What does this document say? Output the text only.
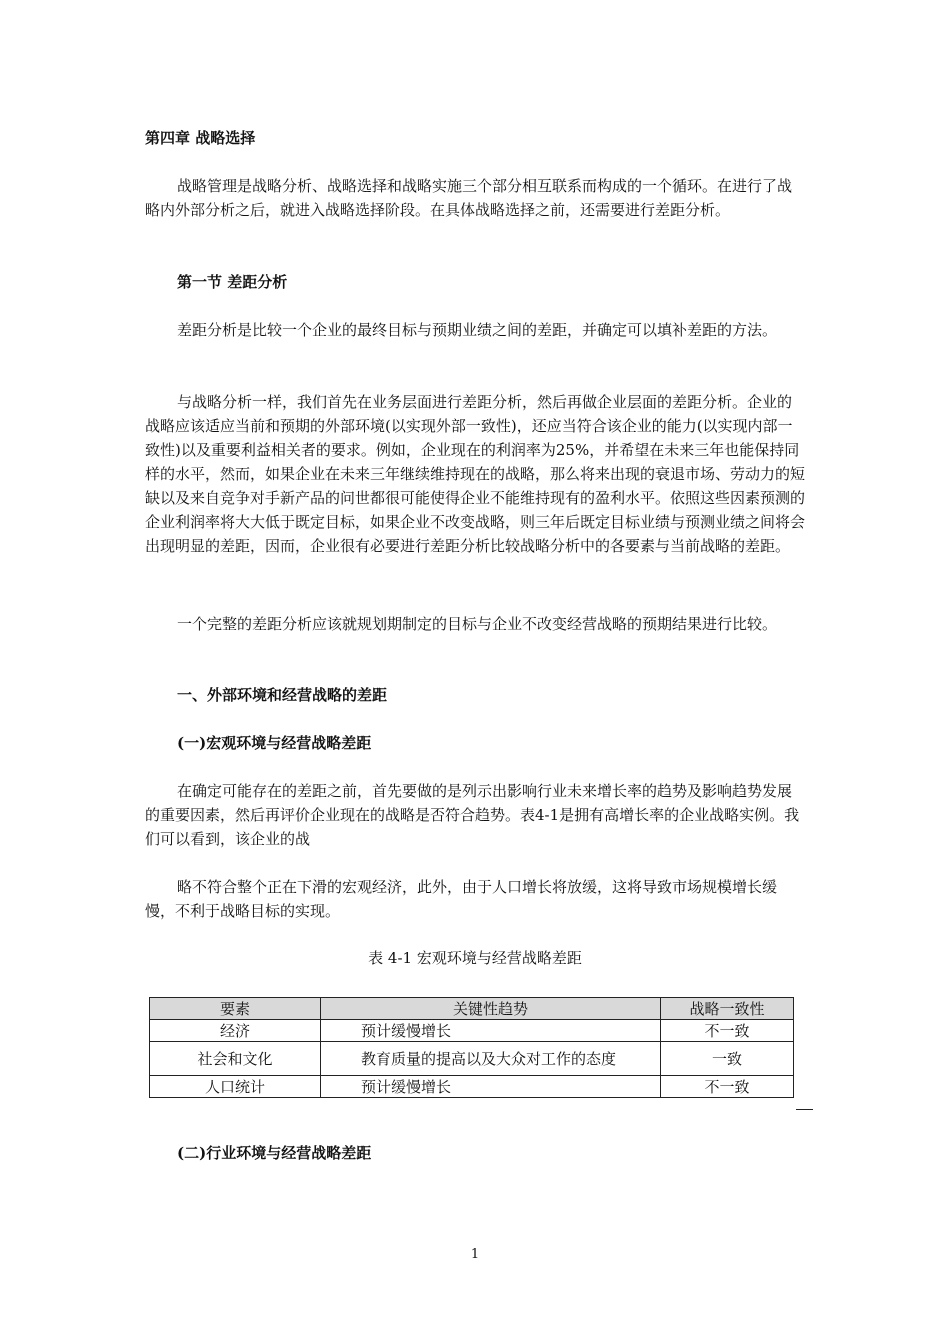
第四章 战略选择

战略管理是战略分析、战略选择和战略实施三个部分相互联系而构成的一个循环。在进行了战略内外部分析之后，就进入战略选择阶段。在具体战略选择之前，还需要进行差距分析。

第一节 差距分析

差距分析是比较一个企业的最终目标与预期业绩之间的差距，并确定可以填补差距的方法。

与战略分析一样，我们首先在业务层面进行差距分析，然后再做企业层面的差距分析。企业的战略应该适应当前和预期的外部环境(以实现外部一致性)，还应当符合该企业的能力(以实现内部一致性)以及重要利益相关者的要求。例如，企业现在的利润率为25%，并希望在未来三年也能保持同样的水平，然而，如果企业在未来三年继续维持现在的战略，那么将来出现的衰退市场、劳动力的短缺以及来自竞争对手新产品的问世都很可能使得企业不能维持现有的盈利水平。依照这些因素预测的企业利润率将大大低于既定目标，如果企业不改变战略，则三年后既定目标业绩与预测业绩之间将会出现明显的差距，因而，企业很有必要进行差距分析比较战略分析中的各要素与当前战略的差距。

一个完整的差距分析应该就规划期制定的目标与企业不改变经营战略的预期结果进行比较。

一、外部环境和经营战略的差距

(一)宏观环境与经营战略差距

在确定可能存在的差距之前，首先要做的是列示出影响行业未来增长率的趋势及影响趋势发展的重要因素，然后再评价企业现在的战略是否符合趋势。表4-1是拥有高增长率的企业战略实例。我们可以看到，该企业的战

略不符合整个正在下滑的宏观经济，此外，由于人口增长将放缓，这将导致市场规模增长缓慢，不利于战略目标的实现。

表 4-1 宏观环境与经营战略差距
要素	关键性趋势	战略一致性
经济	预计缓慢增长	不一致
社会和文化	教育质量的提高以及大众对工作的态度	一致
人口统计	预计缓慢增长	不一致

(二)行业环境与经营战略差距

1
